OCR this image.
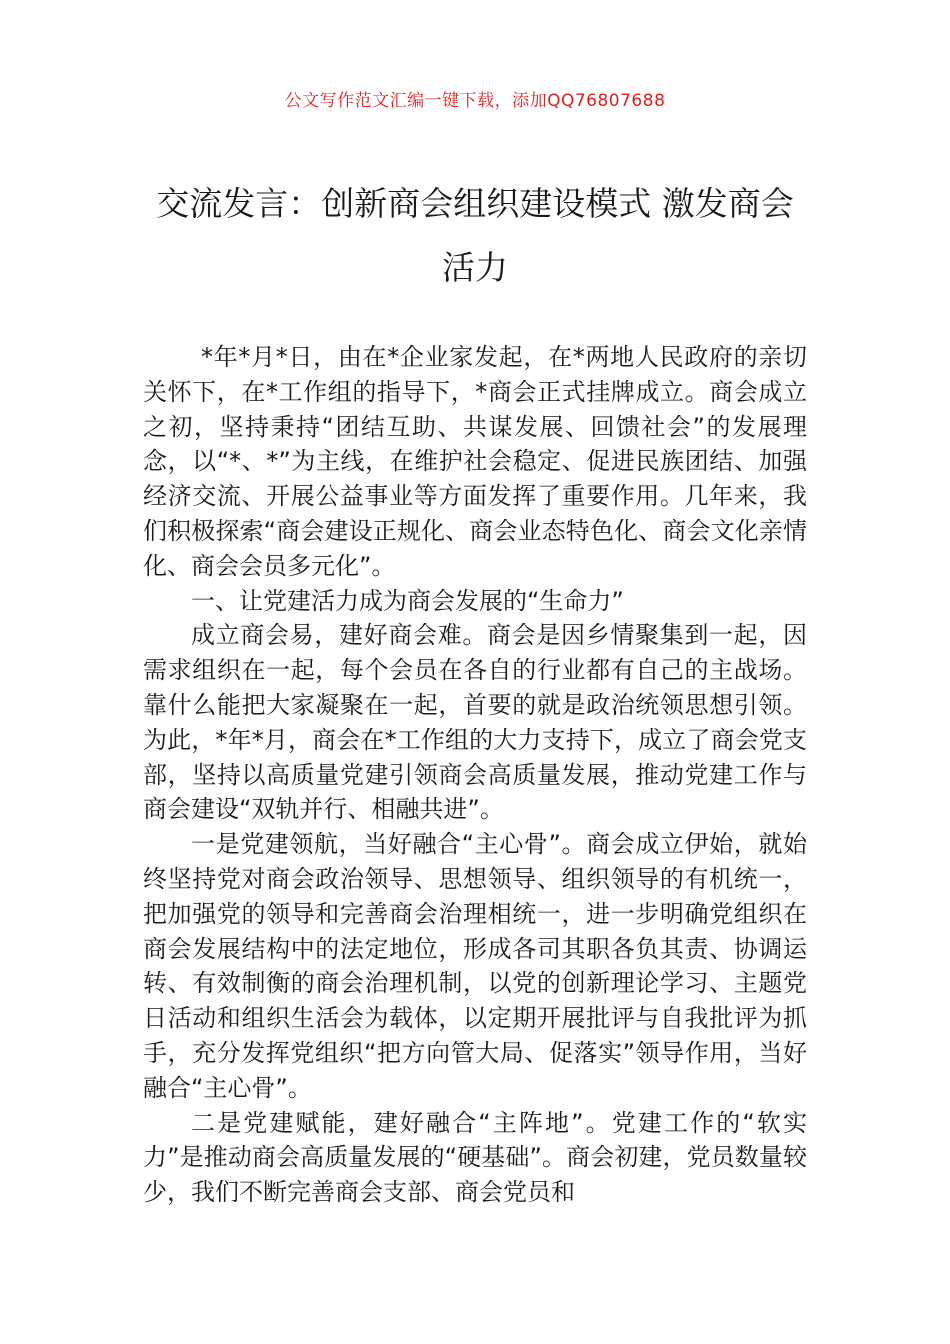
公文写作范文汇编一键下载，添加QQ76807688
交流发言：创新商会组织建设模式 激发商会活力

*年*月*日，由在*企业家发起，在*两地人民政府的亲切关怀下，在*工作组的指导下，*商会正式挂牌成立。商会成立之初，坚持秉持“团结互助、共谋发展、回馈社会”的发展理念，以“*、*”为主线，在维护社会稳定、促进民族团结、加强经济交流、开展公益事业等方面发挥了重要作用。几年来，我们积极探索“商会建设正规化、商会业态特色化、商会文化亲情化、商会会员多元化”。

一、让党建活力成为商会发展的“生命力”

成立商会易，建好商会难。商会是因乡情聚集到一起，因需求组织在一起，每个会员在各自的行业都有自己的主战场。靠什么能把大家凝聚在一起，首要的就是政治统领思想引领。为此，*年*月，商会在*工作组的大力支持下，成立了商会党支部，坚持以高质量党建引领商会高质量发展，推动党建工作与商会建设“双轨并行、相融共进”。

一是党建领航，当好融合“主心骨”。商会成立伊始，就始终坚持党对商会政治领导、思想领导、组织领导的有机统一，把加强党的领导和完善商会治理相统一，进一步明确党组织在商会发展结构中的法定地位，形成各司其职各负其责、协调运转、有效制衡的商会治理机制，以党的创新理论学习、主题党日活动和组织生活会为载体，以定期开展批评与自我批评为抓手，充分发挥党组织“把方向管大局、促落实”领导作用，当好融合“主心骨”。

二是党建赋能，建好融合“主阵地”。党建工作的“软实力”是推动商会高质量发展的“硬基础”。商会初建，党员数量较少，我们不断完善商会支部、商会党员和
